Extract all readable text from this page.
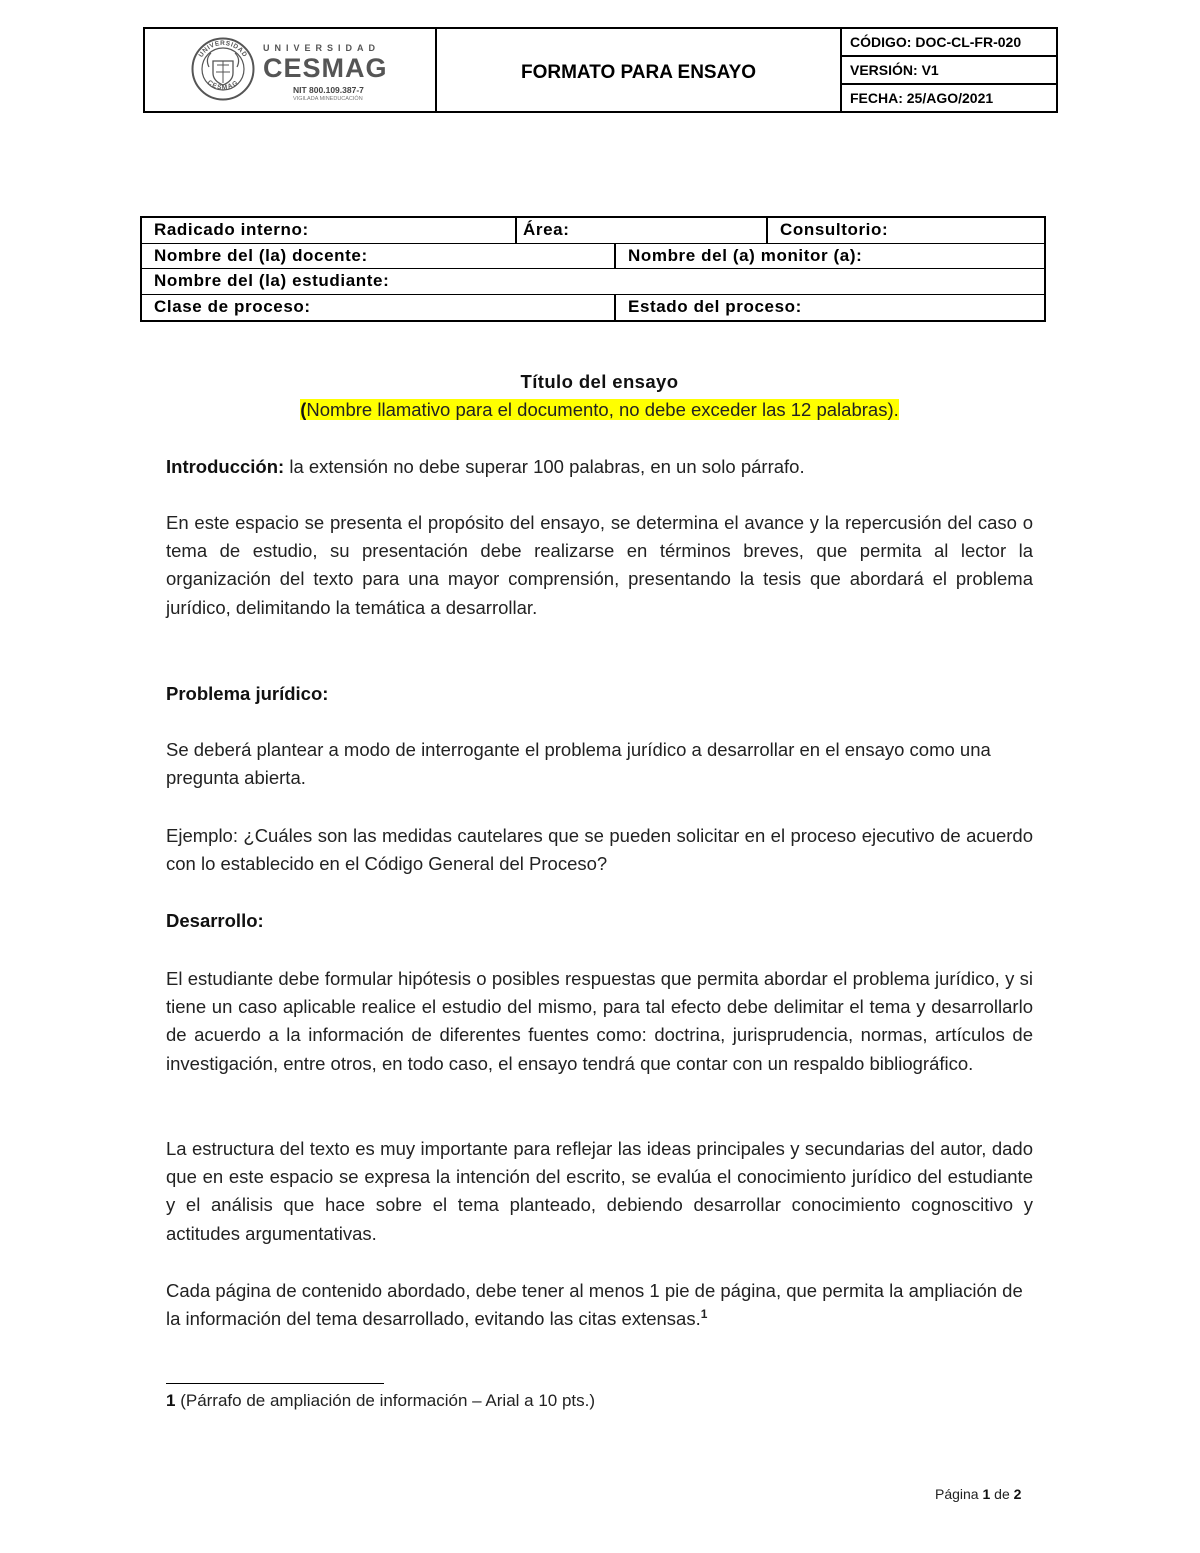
UNIVERSIDAD
CESMAG
UNIVERSIDAD
CESMAG
NIT 800.109.387-7
VIGILADA MINEDUCACIÓN
FORMATO PARA ENSAYO
CÓDIGO: DOC-CL-FR-020
VERSIÓN: V1
FECHA: 25/AGO/2021
Radicado interno:	Área:	Consultorio:
Nombre del (la) docente:	Nombre del (a) monitor (a):
Nombre del (la) estudiante:
Clase de proceso:	Estado del proceso:

Título del ensayo

(Nombre llamativo para el documento, no debe exceder las 12 palabras).

Introducción: la extensión no debe superar 100 palabras, en un solo párrafo.

En este espacio se presenta el propósito del ensayo, se determina el avance y la repercusión del caso o tema de estudio, su presentación debe realizarse en términos breves, que permita al lector la organización del texto para una mayor comprensión, presentando la tesis que abordará el problema jurídico, delimitando la temática a desarrollar.

Problema jurídico:

Se deberá plantear a modo de interrogante el problema jurídico a desarrollar en el ensayo como una pregunta abierta.

Ejemplo: ¿Cuáles son las medidas cautelares que se pueden solicitar en el proceso ejecutivo de acuerdo con lo establecido en el Código General del Proceso?

Desarrollo:

El estudiante debe formular hipótesis o posibles respuestas que permita abordar el problema jurídico, y si tiene un caso aplicable realice el estudio del mismo, para tal efecto debe delimitar el tema y desarrollarlo de acuerdo a la información de diferentes fuentes como: doctrina, jurisprudencia, normas, artículos de investigación, entre otros, en todo caso, el ensayo tendrá que contar con un respaldo bibliográfico.

La estructura del texto es muy importante para reflejar las ideas principales y secundarias del autor, dado que en este espacio se expresa la intención del escrito, se evalúa el conocimiento jurídico del estudiante y el análisis que hace sobre el tema planteado, debiendo desarrollar conocimiento cognoscitivo y actitudes argumentativas.

Cada página de contenido abordado, debe tener al menos 1 pie de página, que permita la ampliación de la información del tema desarrollado, evitando las citas extensas.$^1$

1 (Párrafo de ampliación de información – Arial a 10 pts.)
Página 1 de 2
